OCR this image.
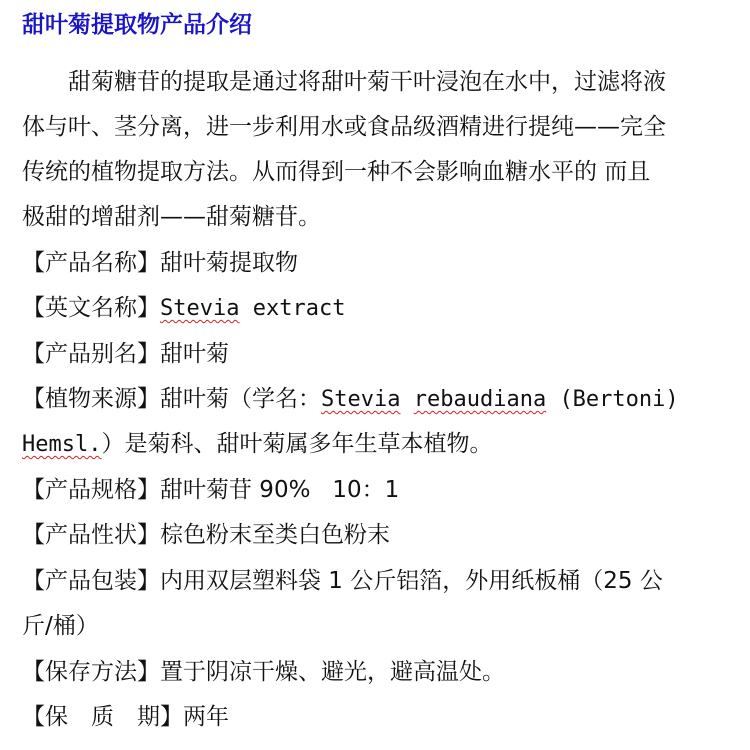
甜叶菊提取物产品介绍
甜菊糖苷的提取是通过将甜叶菊干叶浸泡在水中，过滤将液
体与叶、茎分离，进一步利用水或食品级酒精进行提纯——完全
传统的植物提取方法。从而得到一种不会影响血糖水平的 而且
极甜的增甜剂——甜菊糖苷。
【产品名称】甜叶菊提取物
【英文名称】Stevia extract
【产品别名】甜叶菊
【植物来源】甜叶菊（学名：Stevia rebaudiana (Bertoni)
Hemsl.）是菊科、甜叶菊属多年生草本植物。
【产品规格】甜叶菊苷 90%   10：1
【产品性状】棕色粉末至类白色粉末
【产品包装】内用双层塑料袋 1 公斤铝箔，外用纸板桶（25 公
斤/桶）
【保存方法】置于阴凉干燥、避光，避高温处。
【保　质　期】两年
